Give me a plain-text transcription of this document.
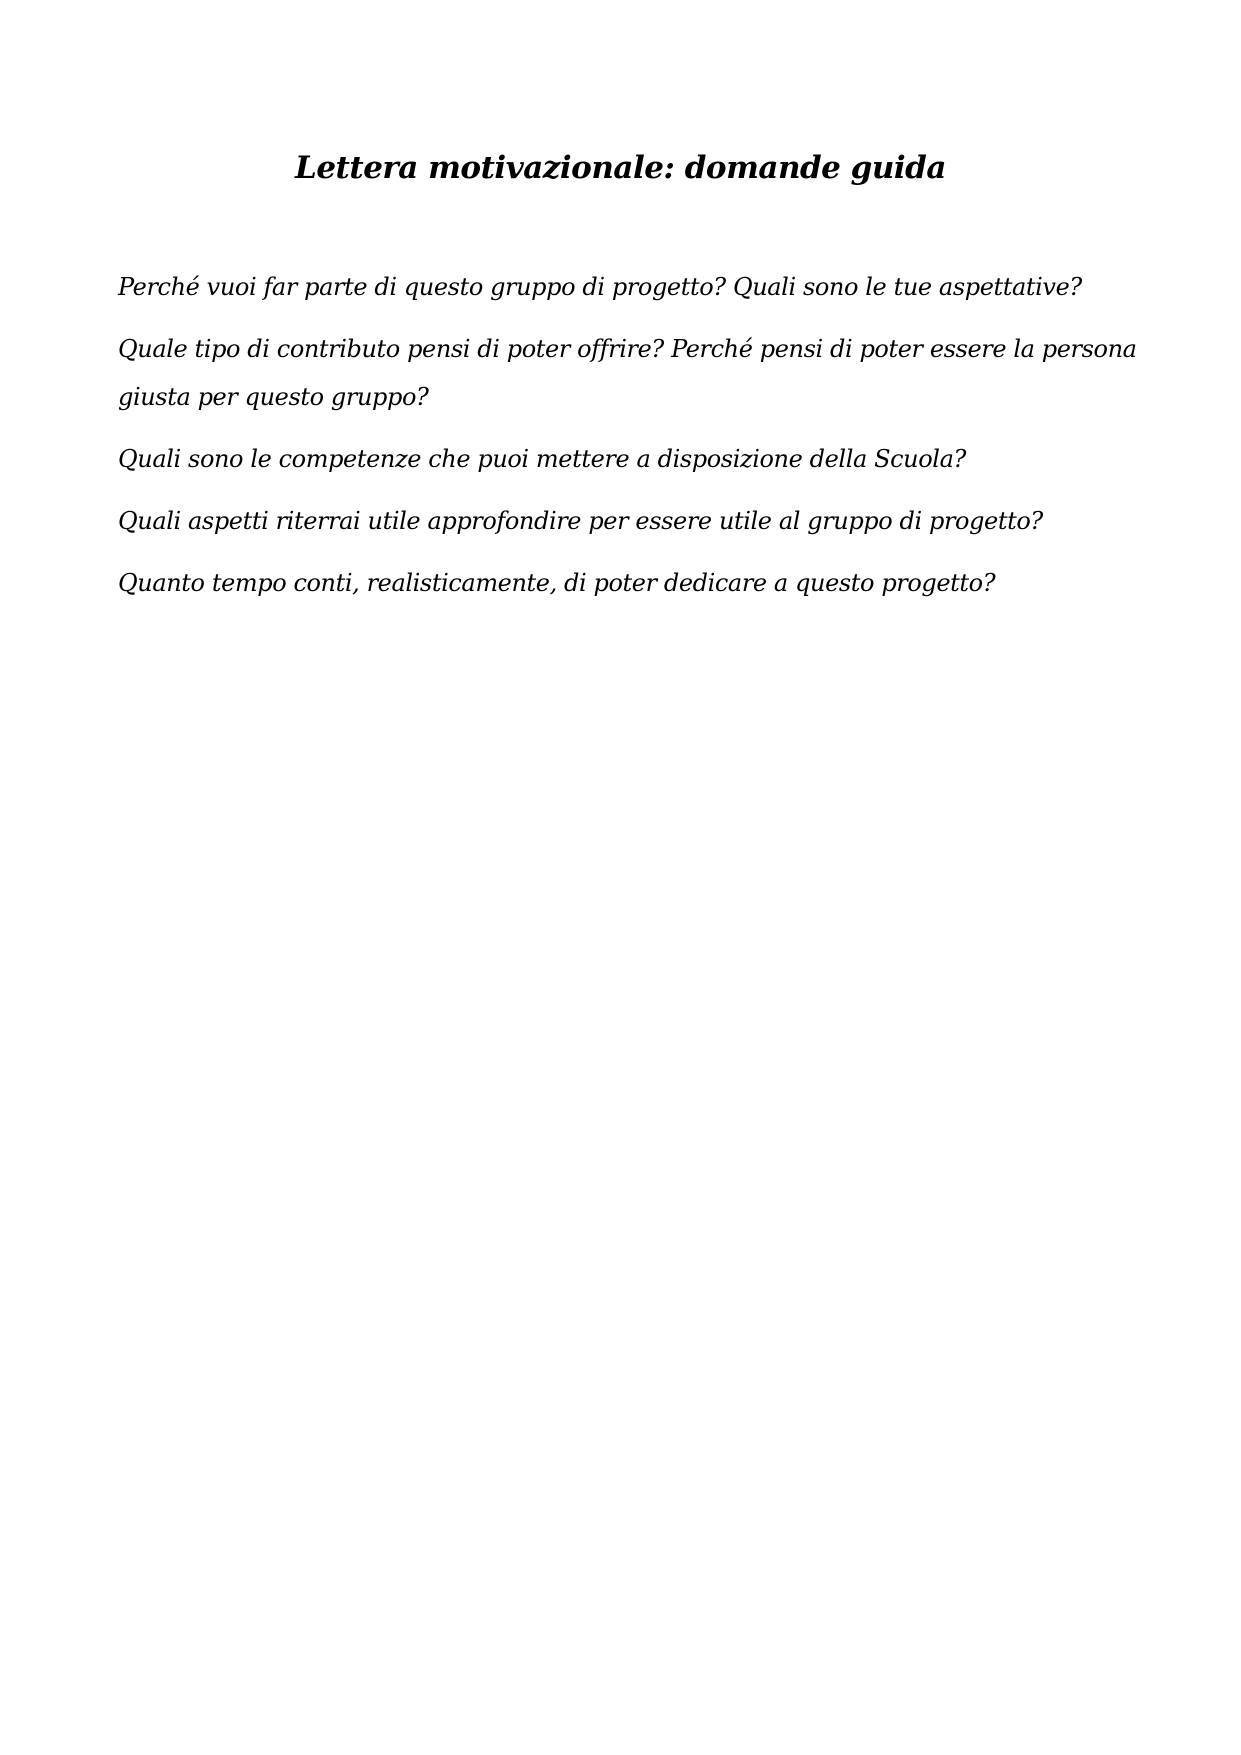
Lettera motivazionale: domande guida
Perché vuoi far parte di questo gruppo di progetto? Quali sono le tue aspettative?
Quale tipo di contributo pensi di poter offrire? Perché pensi di poter essere la persona giusta per questo gruppo?
Quali sono le competenze che puoi mettere a disposizione della Scuola?
Quali aspetti riterrai utile approfondire per essere utile al gruppo di progetto?
Quanto tempo conti, realisticamente, di poter dedicare a questo progetto?
